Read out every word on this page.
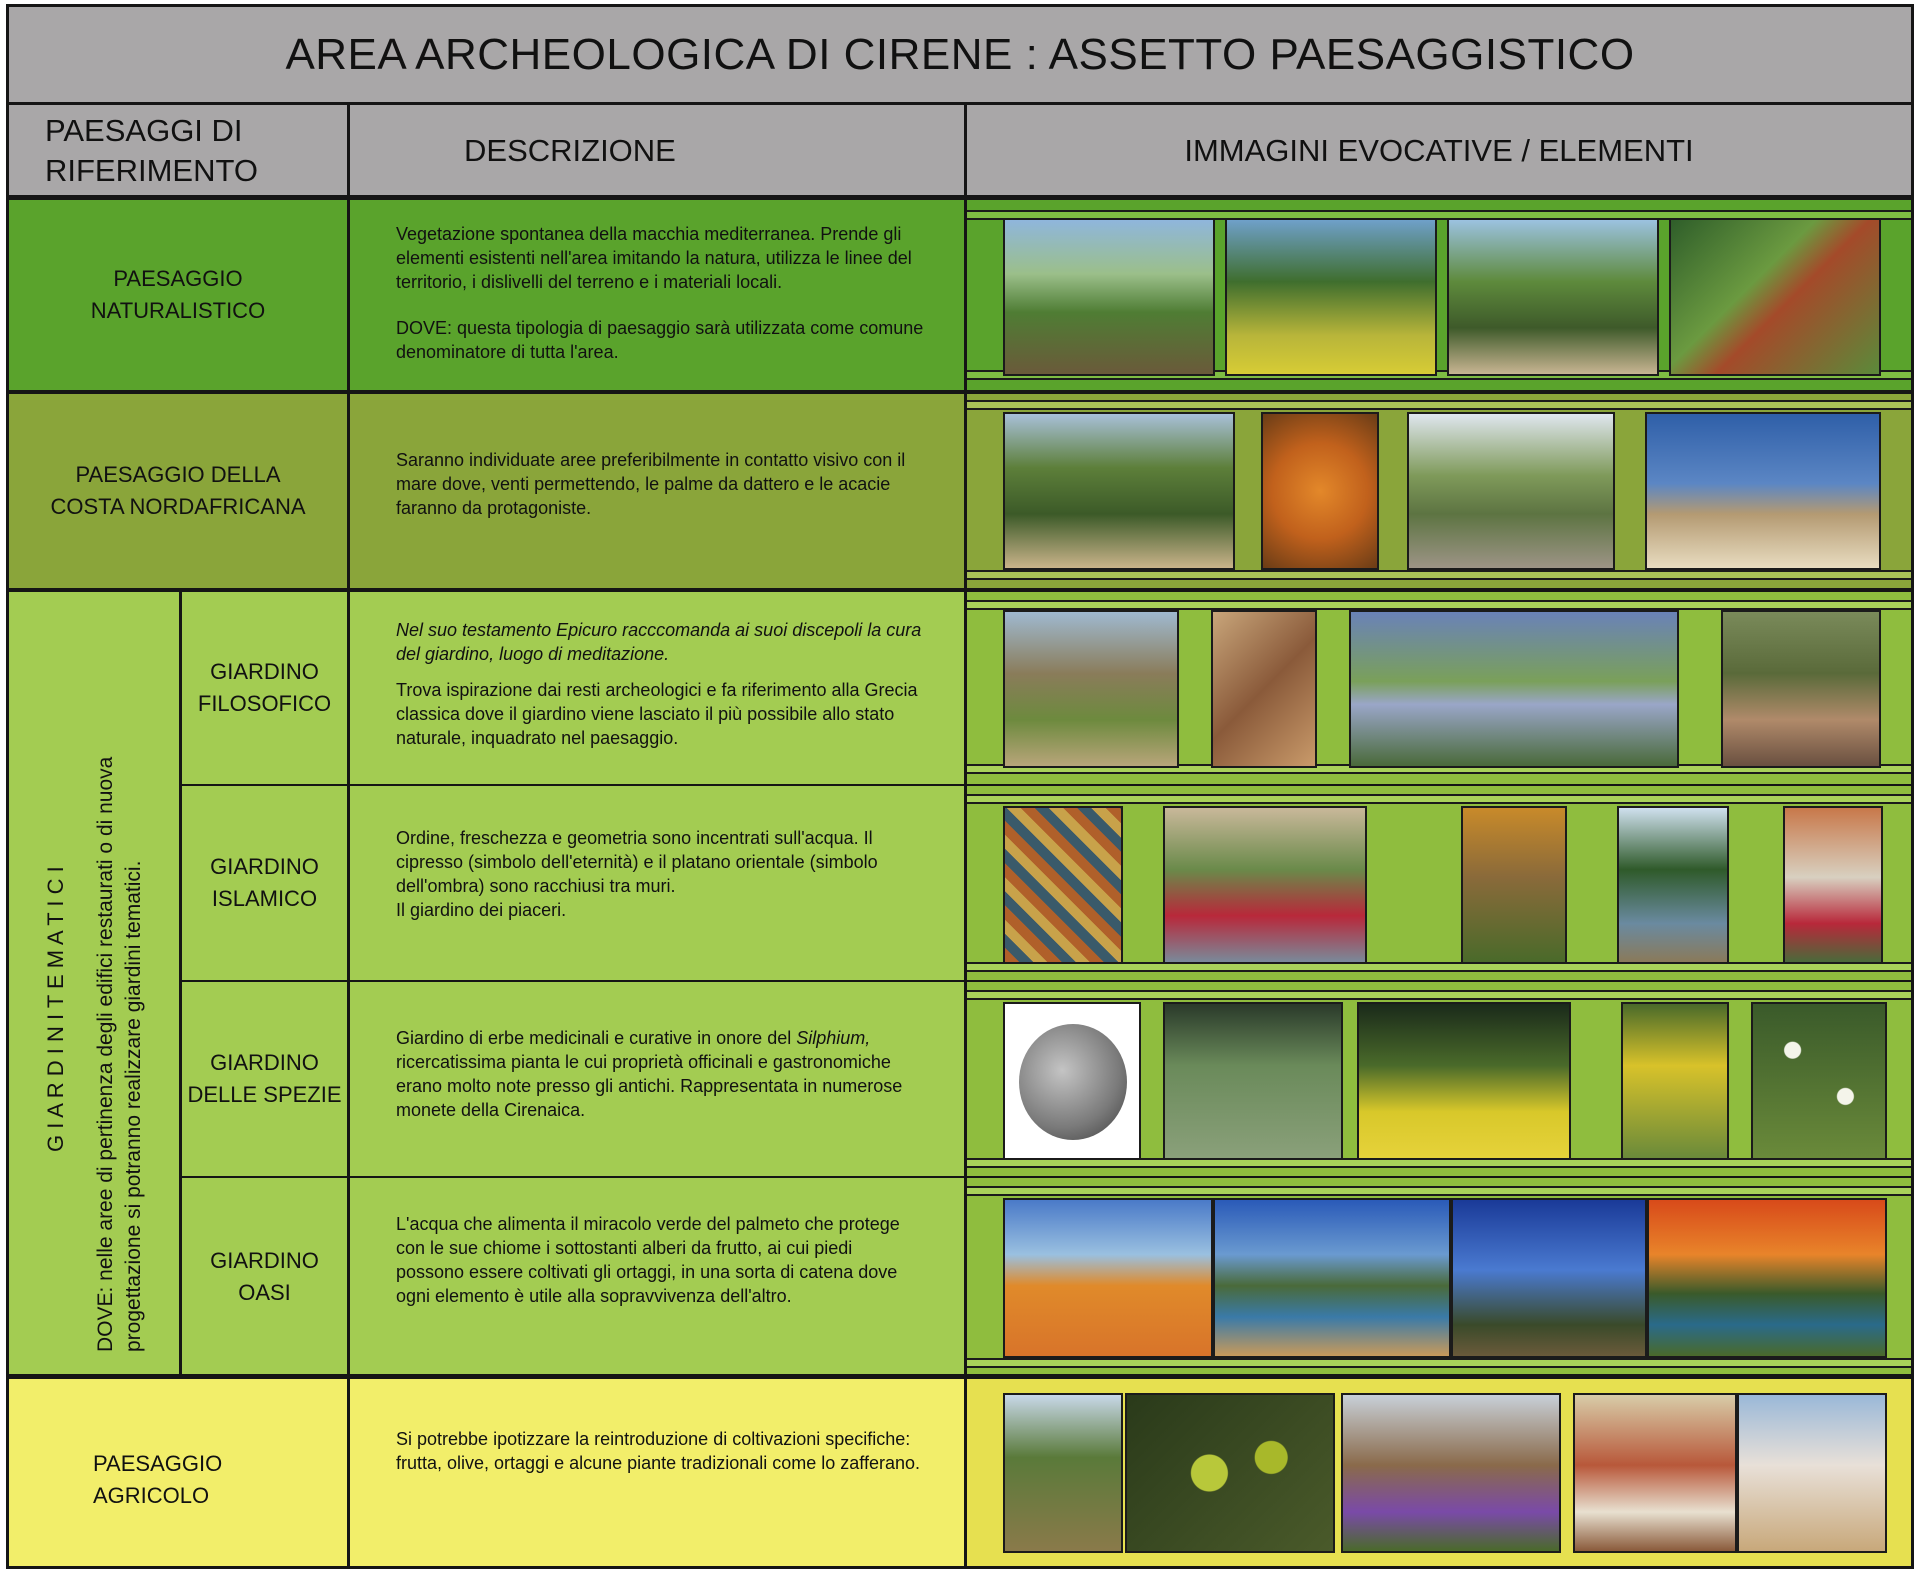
AREA ARCHEOLOGICA DI CIRENE : ASSETTO PAESAGGISTICO
PAESAGGI DI
RIFERIMENTO
DESCRIZIONE	IMMAGINI EVOCATIVE / ELEMENTI
PAESAGGIO
NATURALISTICO

Vegetazione spontanea della macchia mediterranea. Prende gli elementi esistenti nell'area imitando la natura, utilizza le linee del territorio, i dislivelli del terreno e i materiali locali.

DOVE: questa tipologia di paesaggio sarà utilizzata come comune denominatore di tutta l'area.

PAESAGGIO DELLA
COSTA NORDAFRICANA

Saranno individuate aree preferibilmente in contatto visivo con il mare dove, venti permettendo, le palme da dattero e le acacie faranno da protagoniste.

G I A R D I N I T E M A T I C I DOVE: nelle aree di pertinenza degli edifici restaurati o di nuova progettazione si potranno realizzare giardini tematici.
GIARDINO
FILOSOFICO

Nel suo testamento Epicuro racccomanda ai suoi discepoli la cura del giardino, luogo di meditazione.

Trova ispirazione dai resti archeologici e fa riferimento alla Grecia classica dove il giardino viene lasciato il più possibile allo stato naturale, inquadrato nel paesaggio.

GIARDINO
ISLAMICO

Ordine, freschezza e geometria sono incentrati sull'acqua. Il cipresso (simbolo dell'eternità) e il platano orientale (simbolo dell'ombra) sono racchiusi tra muri.

Il giardino dei piaceri.

GIARDINO
DELLE SPEZIE

Giardino di erbe medicinali e curative in onore del Silphium, ricercatissima pianta le cui proprietà officinali e gastronomiche erano molto note presso gli antichi. Rappresentata in numerose monete della Cirenaica.

GIARDINO
OASI

L'acqua che alimenta il miracolo verde del palmeto che protege con le sue chiome i sottostanti alberi da frutto, ai cui piedi possono essere coltivati gli ortaggi, in una sorta di catena dove ogni elemento è utile alla sopravvivenza dell'altro.

PAESAGGIO
AGRICOLO

Si potrebbe ipotizzare la reintroduzione di coltivazioni specifiche: frutta, olive, ortaggi e alcune piante tradizionali come lo zafferano.
